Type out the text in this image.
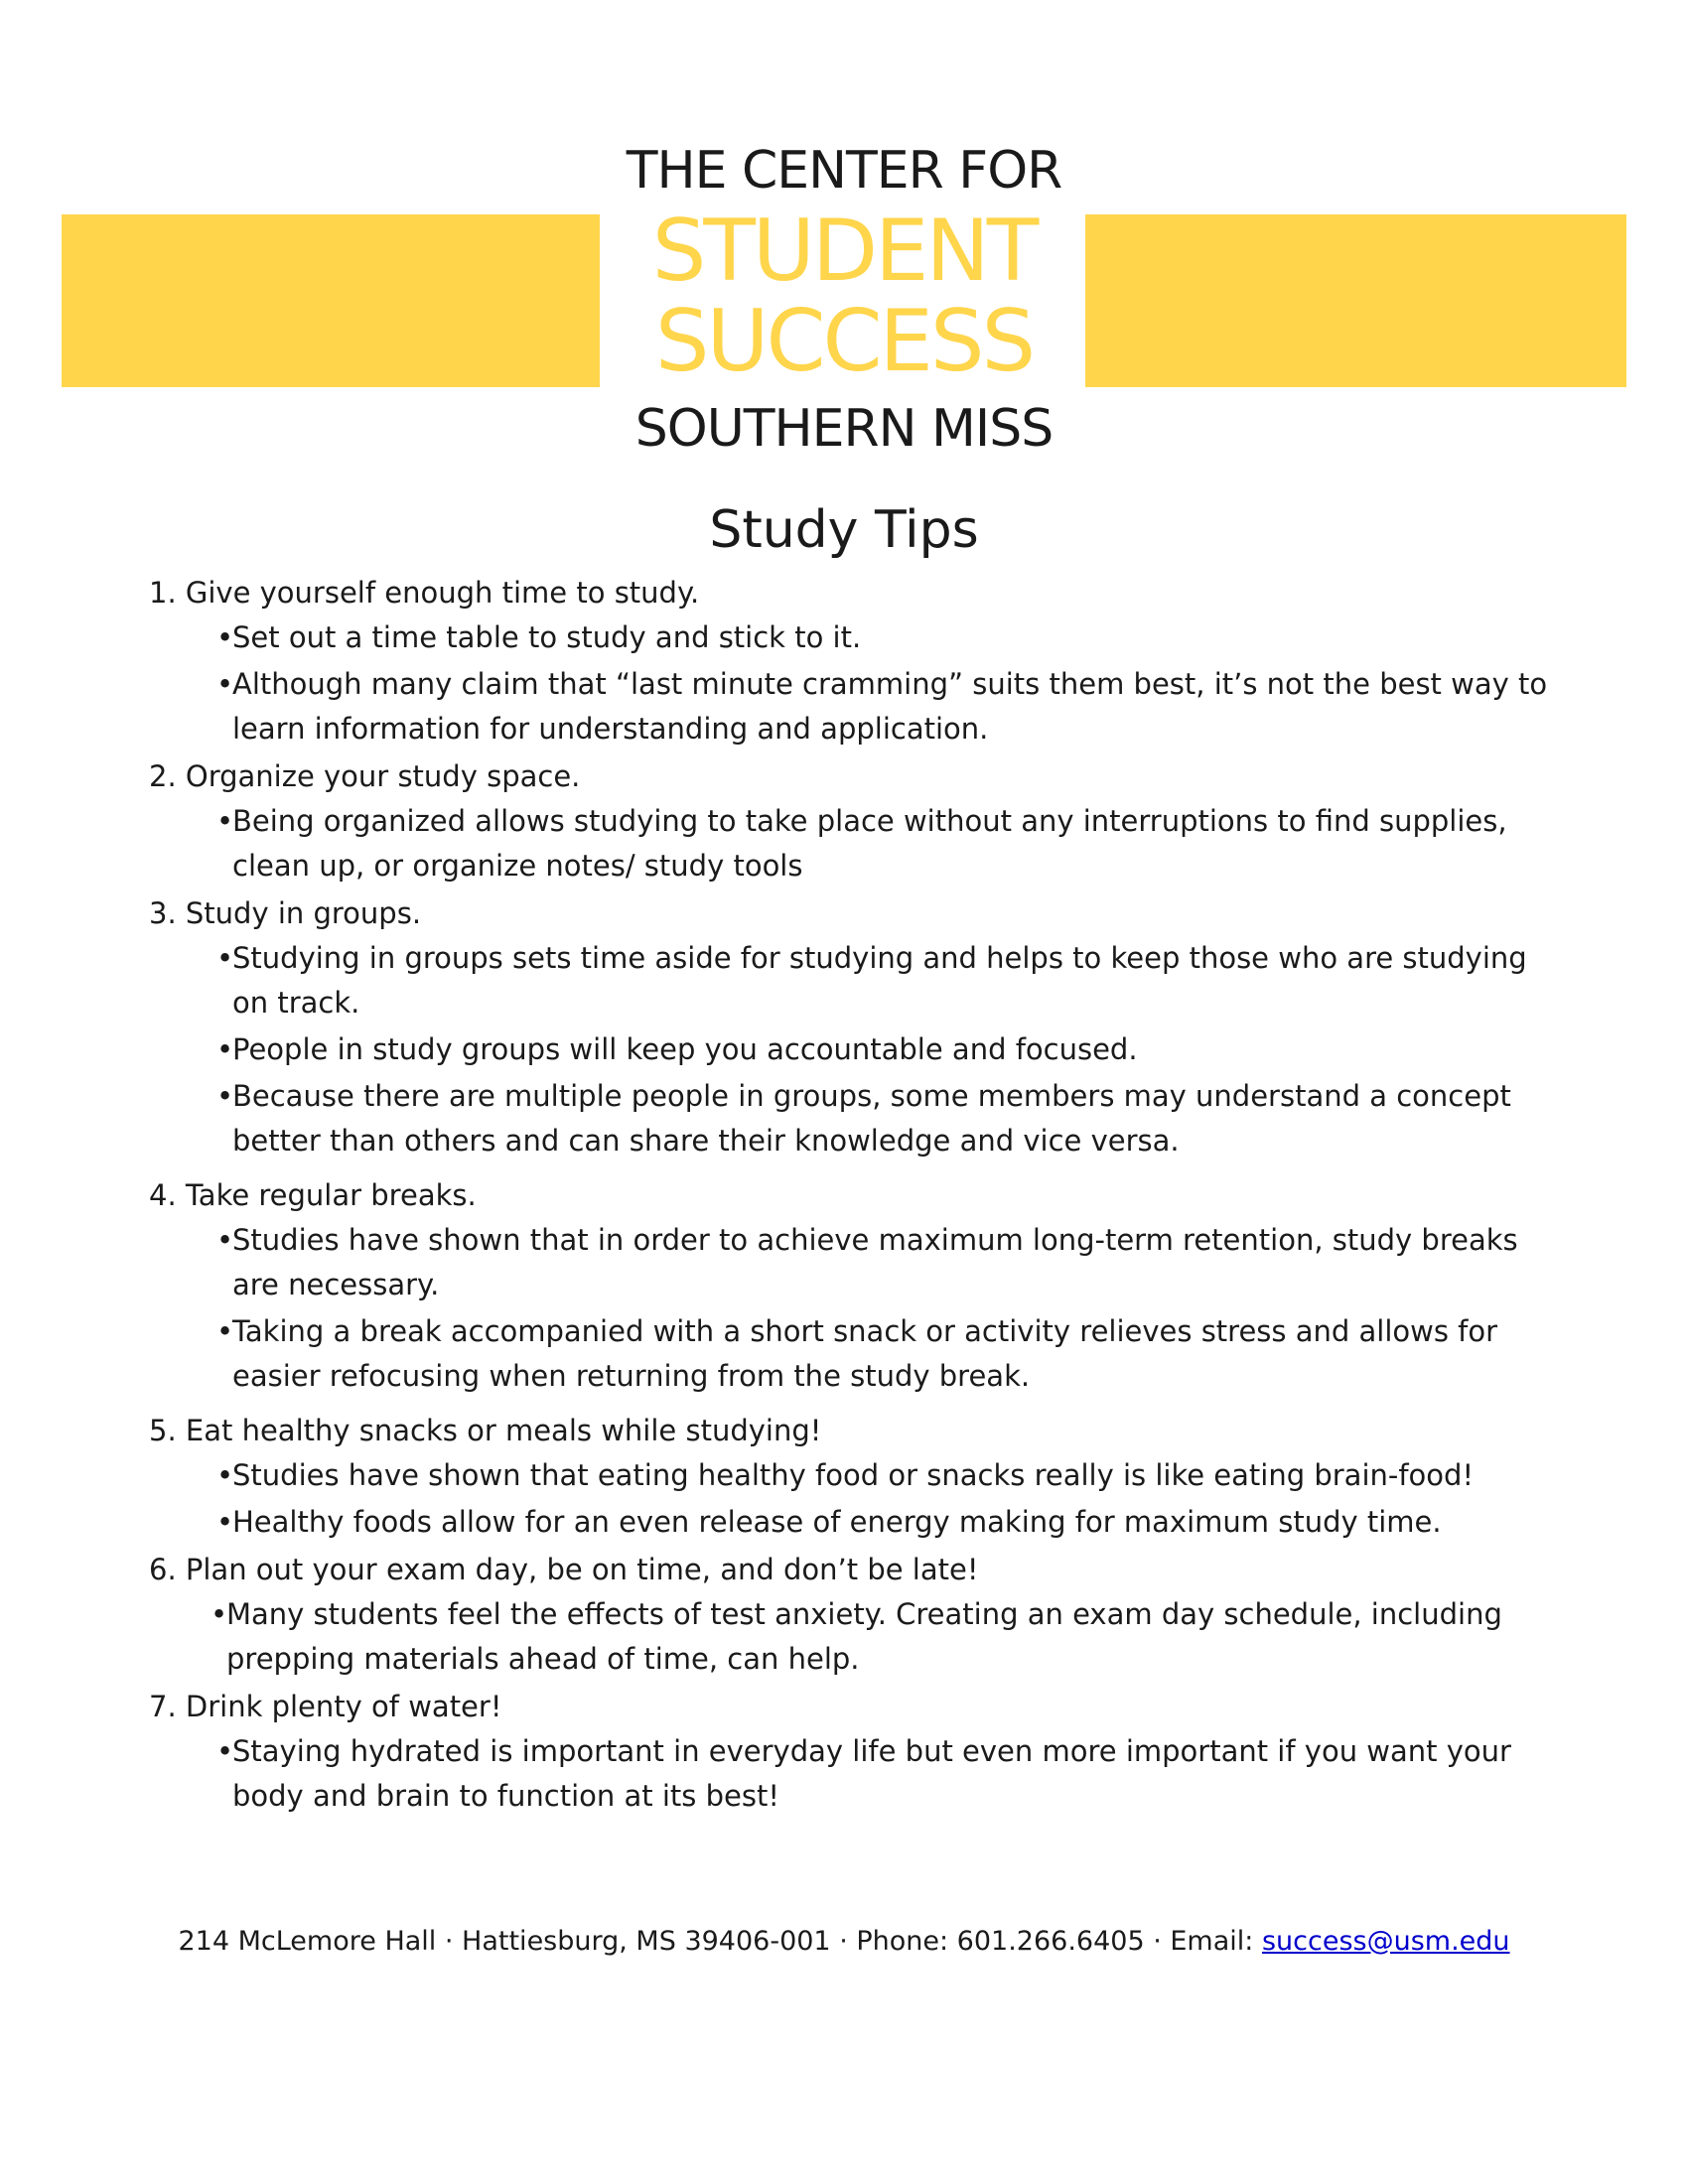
THE CENTER FOR
STUDENT
SUCCESS
SOUTHERN MISS
Study Tips
1. Give yourself enough time to study.
•Set out a time table to study and stick to it.
•Although many claim that “last minute cramming” suits them best, it’s not the best way to learn information for understanding and application.
2. Organize your study space.
•Being organized allows studying to take place without any interruptions to find supplies, clean up, or organize notes/ study tools
3. Study in groups.
•Studying in groups sets time aside for studying and helps to keep those who are studying on track.
•People in study groups will keep you accountable and focused.
•Because there are multiple people in groups, some members may understand a concept better than others and can share their knowledge and vice versa.
4. Take regular breaks.
•Studies have shown that in order to achieve maximum long-term retention, study breaks are necessary.
•Taking a break accompanied with a short snack or activity relieves stress and allows for easier refocusing when returning from the study break.
5. Eat healthy snacks or meals while studying!
•Studies have shown that eating healthy food or snacks really is like eating brain-food!
•Healthy foods allow for an even release of energy making for maximum study time.
6. Plan out your exam day, be on time, and don’t be late!
•Many students feel the effects of test anxiety. Creating an exam day schedule, including prepping materials ahead of time, can help.
7. Drink plenty of water!
•Staying hydrated is important in everyday life but even more important if you want your body and brain to function at its best!
214 McLemore Hall · Hattiesburg, MS 39406-001 · Phone: 601.266.6405 · Email: success@usm.edu
